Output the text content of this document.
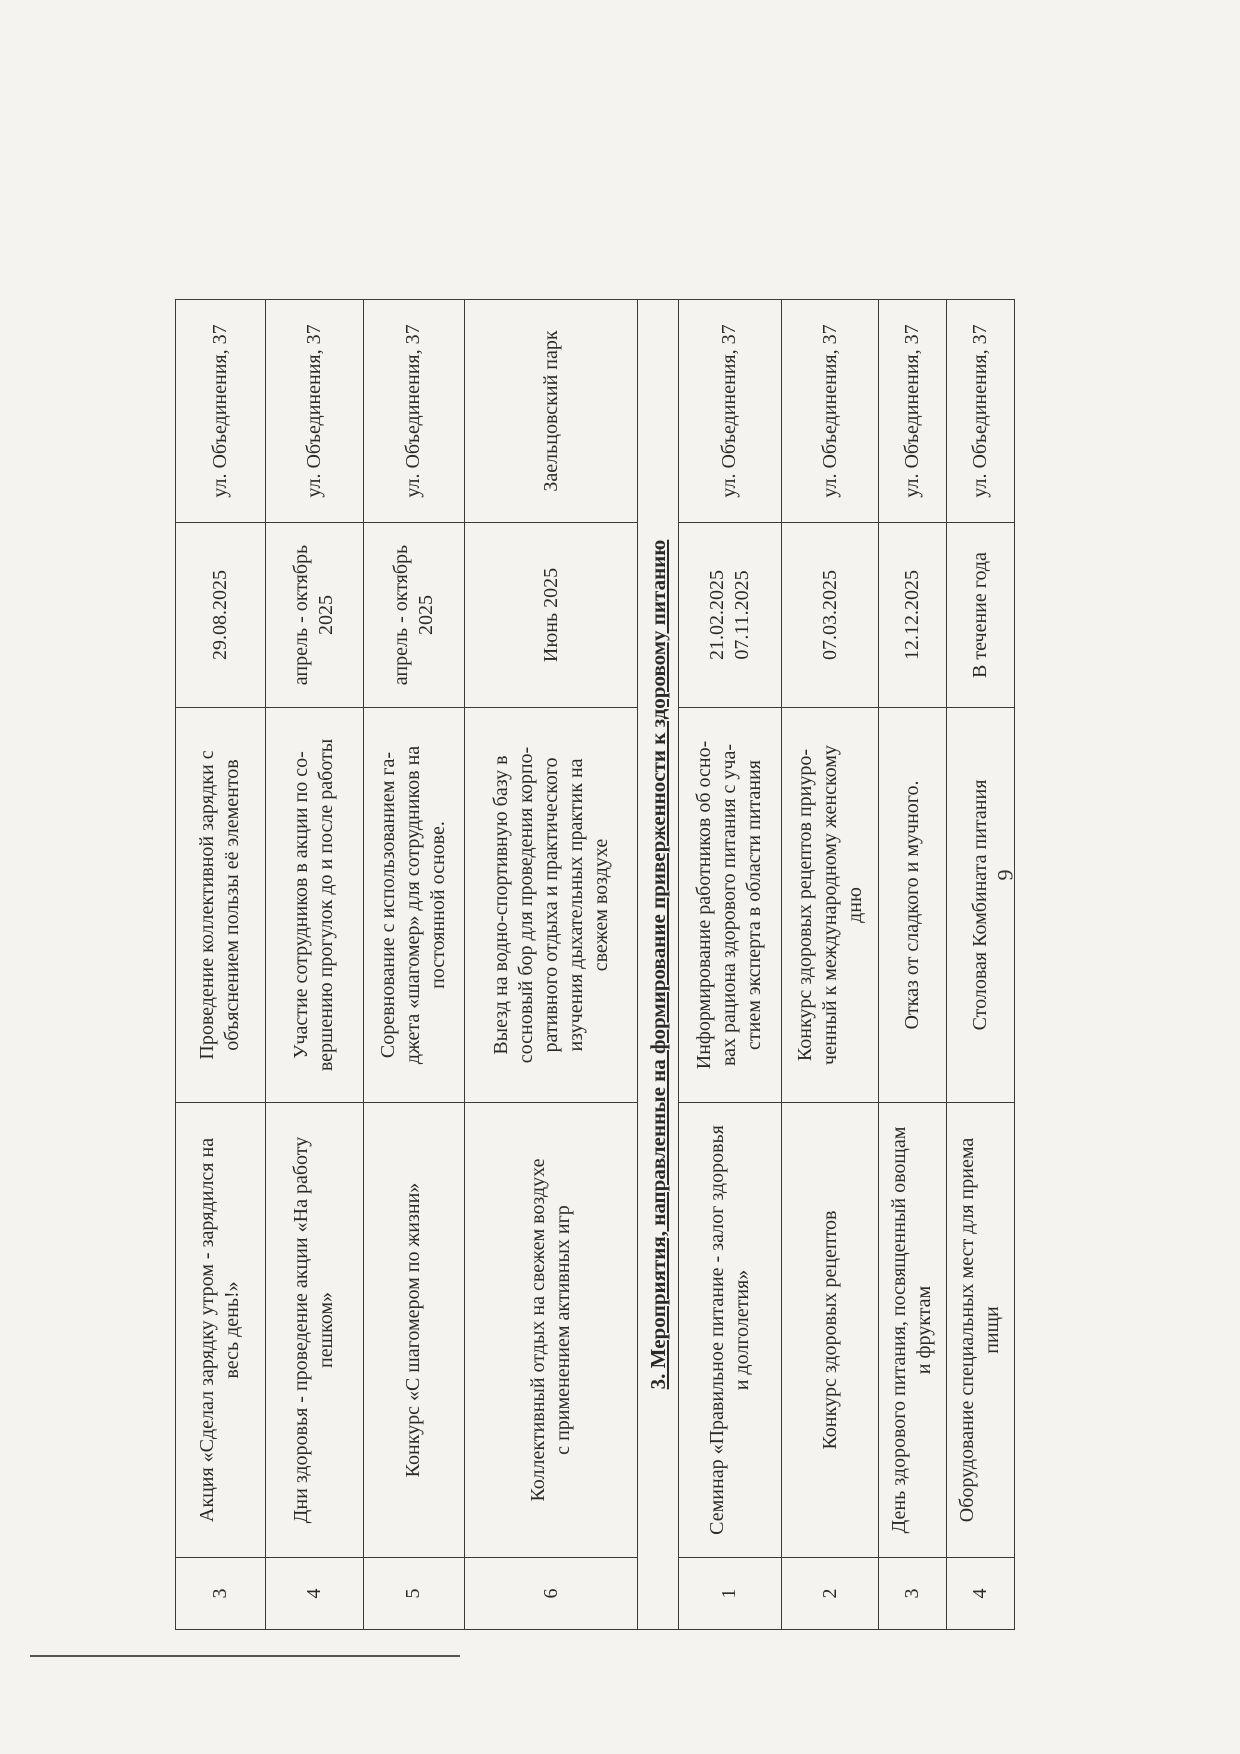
3	Акция «Сделал зарядку утром - зарядился на весь день!»	Проведение коллективной зарядки с объяснением пользы её элементов	29.08.2025	ул. Объединения, 37
4	Дни здоровья - проведение акции «На работу пешком»	Участие сотрудников в акции по со- вершению прогулок до и после работы	апрель - октябрь 2025	ул. Объединения, 37
5	Конкурс «С шагомером по жизни»	Соревнование с использованием га- джета «шагомер» для сотрудников на постоянной основе.	апрель - октябрь 2025	ул. Объединения, 37
6	Коллективный отдых на свежем воздухе с применением активных игр	Выезд на водно-спортивную базу в сосновый бор для проведения корпо- ративного отдыха и практического изучения дыхательных практик на свежем воздухе	Июнь 2025	Заельцовский парк
3. Мероприятия, направленные на формирование приверженности к здоровому питанию				
1	Семинар «Правильное питание - залог здоровья и долголетия»	Информирование работников об осно- вах рациона здорового питания с уча- стием эксперта в области питания	21.02.2025 07.11.2025	ул. Объединения, 37
2	Конкурс здоровых рецептов	Конкурс здоровых рецептов приуро- ченный к международному женскому дню	07.03.2025	ул. Объединения, 37
3	День здорового питания, посвященный овощам и фруктам	Отказ от сладкого и мучного.	12.12.2025	ул. Объединения, 37
4	Оборудование специальных мест для приема пищи	Столовая Комбината питания	В течение года	ул. Объединения, 37
9
